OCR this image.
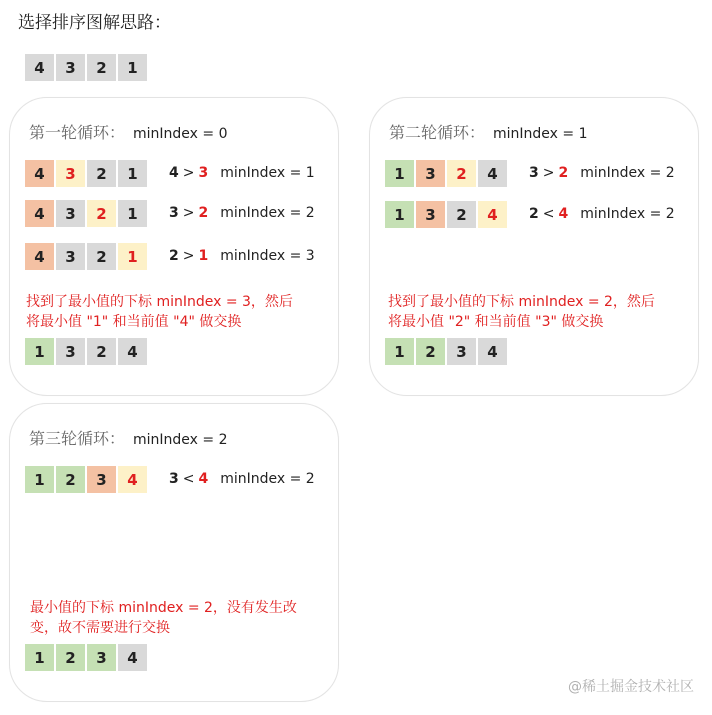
选择排序图解思路：
4	3	2	1
第一轮循环： minIndex = 0
4	3	2	1	4 > 3 minIndex = 1
4	3	2	1	3 > 2 minIndex = 2
4	3	2	1	2 > 1 minIndex = 3
找到了最小值的下标 minIndex = 3，然后
将最小值 "1" 和当前值 "4" 做交换
1	3	2	4
第二轮循环： minIndex = 1
1	3	2	4	3 > 2 minIndex = 2
1	3	2	4	2 < 4 minIndex = 2
找到了最小值的下标 minIndex = 2，然后
将最小值 "2" 和当前值 "3" 做交换
1	2	3	4
第三轮循环： minIndex = 2
1	2	3	4	3 < 4 minIndex = 2
最小值的下标 minIndex = 2，没有发生改
变，故不需要进行交换
1	2	3	4
@稀土掘金技术社区
